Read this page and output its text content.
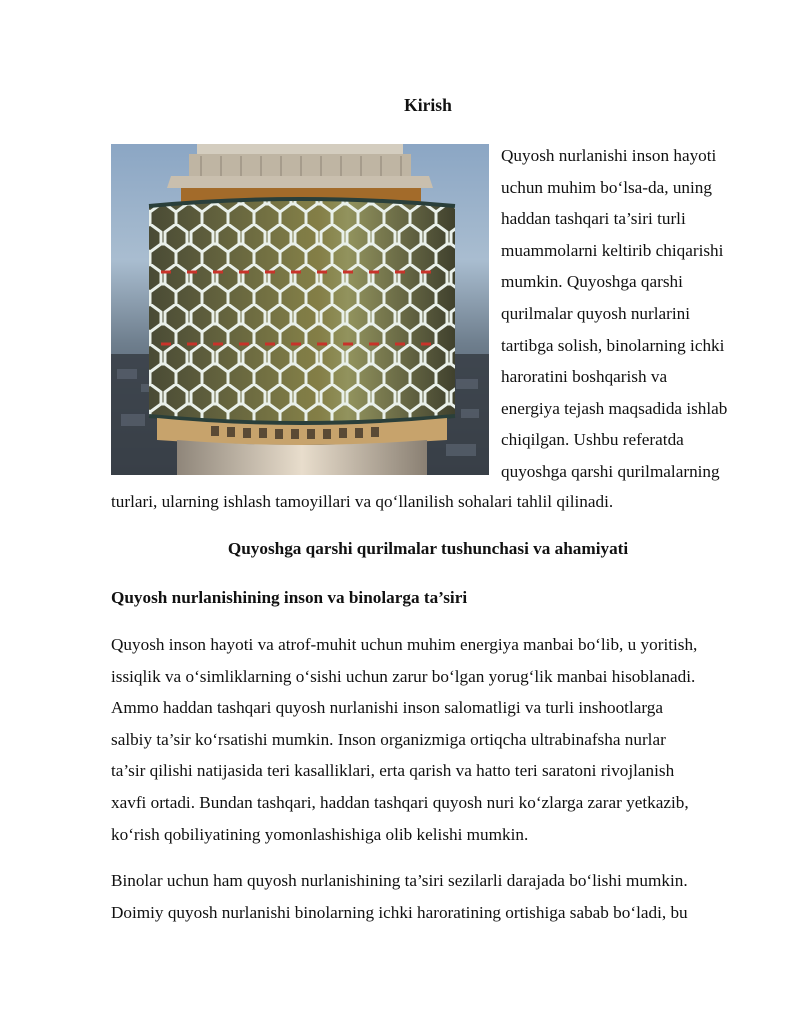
Kirish
Quyosh nurlanishi inson hayoti
uchun muhim bo‘lsa-da, uning
haddan tashqari ta’siri turli
muammolarni keltirib chiqarishi
mumkin. Quyoshga qarshi
qurilmalar quyosh nurlarini
tartibga solish, binolarning ichki
haroratini boshqarish va
energiya tejash maqsadida ishlab
chiqilgan. Ushbu referatda
quyoshga qarshi qurilmalarning
turlari, ularning ishlash tamoyillari va qo‘llanilish sohalari tahlil qilinadi.
Quyoshga qarshi qurilmalar tushunchasi va ahamiyati
Quyosh nurlanishining inson va binolarga ta’siri
Quyosh inson hayoti va atrof-muhit uchun muhim energiya manbai bo‘lib, u yoritish,
issiqlik va o‘simliklarning o‘sishi uchun zarur bo‘lgan yorug‘lik manbai hisoblanadi.
Ammo haddan tashqari quyosh nurlanishi inson salomatligi va turli inshootlarga
salbiy ta’sir ko‘rsatishi mumkin. Inson organizmiga ortiqcha ultrabinafsha nurlar
ta’sir qilishi natijasida teri kasalliklari, erta qarish va hatto teri saratoni rivojlanish
xavfi ortadi. Bundan tashqari, haddan tashqari quyosh nuri ko‘zlarga zarar yetkazib,
ko‘rish qobiliyatining yomonlashishiga olib kelishi mumkin.
Binolar uchun ham quyosh nurlanishining ta’siri sezilarli darajada bo‘lishi mumkin.
Doimiy quyosh nurlanishi binolarning ichki haroratining ortishiga sabab bo‘ladi, bu
